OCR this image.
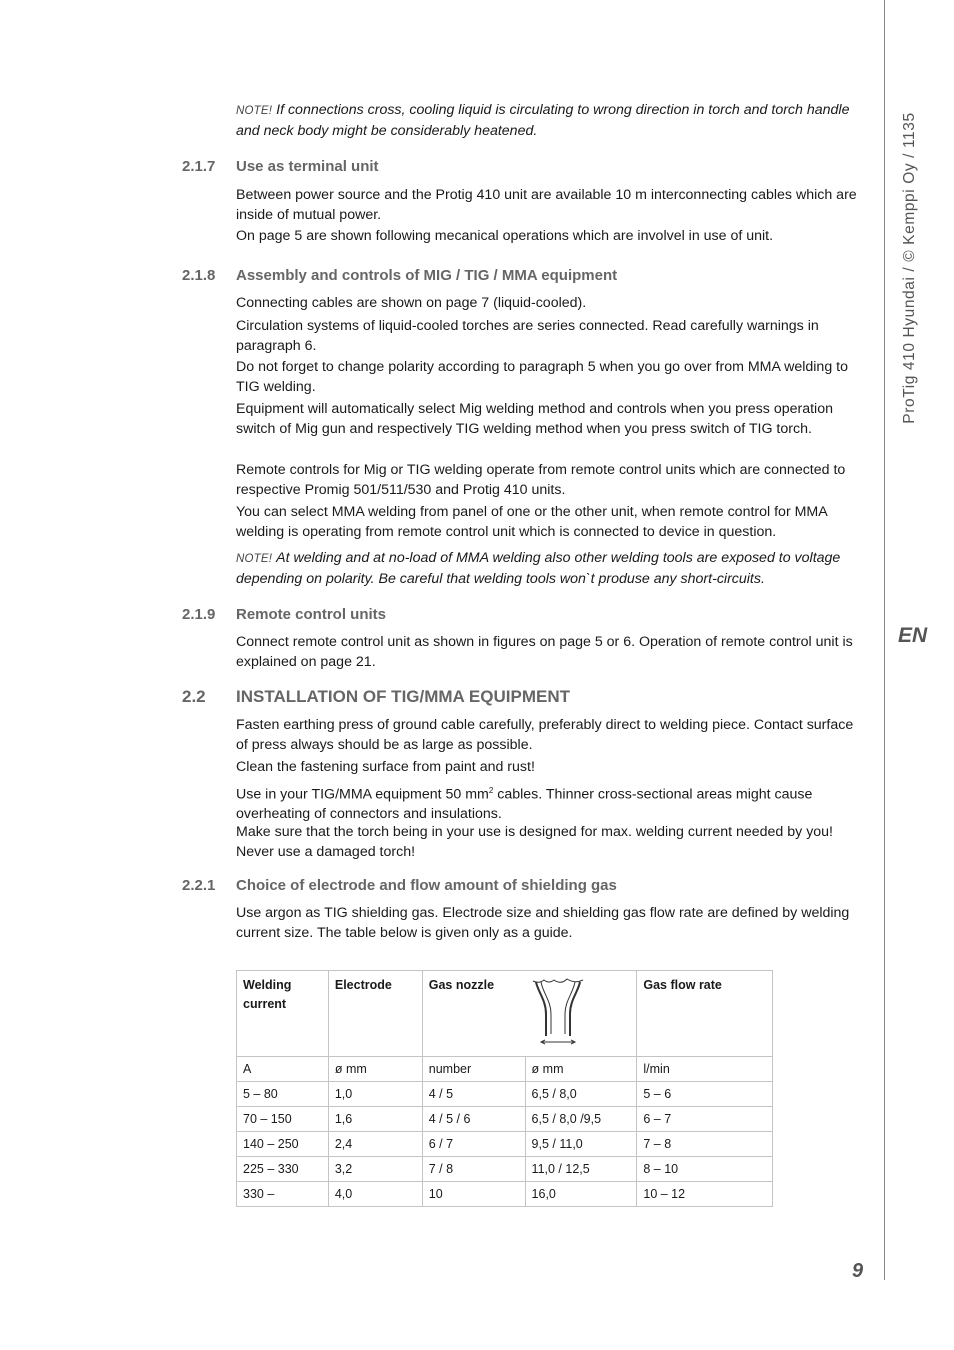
NOTE! If connections cross, cooling liquid is circulating to wrong direction in torch and torch handle and neck body might be considerably heatened.
2.1.7 Use as terminal unit
Between power source and the Protig 410 unit are available 10 m interconnecting cables which are inside of mutual power.
On page 5 are shown following mecanical operations which are involvel in use of unit.
2.1.8 Assembly and controls of MIG / TIG / MMA equipment
Connecting cables are shown on page 7 (liquid-cooled).
Circulation systems of liquid-cooled torches are series connected. Read carefully warnings in paragraph 6.
Do not forget to change polarity according to paragraph 5 when you go over from MMA welding to TIG welding.
Equipment will automatically select Mig welding method and controls when you press operation switch of Mig gun and respectively TIG welding method when you press switch of TIG torch.
Remote controls for Mig or TIG welding operate from remote control units which are connected to respective Promig 501/511/530 and Protig 410 units.
You can select MMA welding from panel of one or the other unit, when remote control for MMA welding is operating from remote control unit which is connected to device in question.
NOTE! At welding and at no-load of MMA welding also other welding tools are exposed to voltage depending on polarity. Be careful that welding tools won`t produse any short-circuits.
2.1.9 Remote control units
Connect remote control unit as shown in figures on page 5 or 6. Operation of remote control unit is explained on page 21.
2.2 INSTALLATION OF TIG/MMA EQUIPMENT
Fasten earthing press of ground cable carefully, preferably direct to welding piece. Contact surface of press always should be as large as possible.
Clean the fastening surface from paint and rust!
Use in your TIG/MMA equipment 50 $mm^2$ cables. Thinner cross-sectional areas might cause overheating of connectors and insulations.
Make sure that the torch being in your use is designed for max. welding current needed by you! Never use a damaged torch!
2.2.1 Choice of electrode and flow amount of shielding gas
Use argon as TIG shielding gas. Electrode size and shielding gas flow rate are defined by welding current size. The table below is given only as a guide.
Welding current	Electrode	Gas nozzle		Gas flow rate
A	ø mm	number	ø mm	l/min
5 – 80	1,0	4 / 5	6,5 / 8,0	5 – 6
70 – 150	1,6	4 / 5 / 6	6,5 / 8,0 /9,5	6 – 7
140 – 250	2,4	6 / 7	9,5 / 11,0	7 – 8
225 – 330	3,2	7 / 8	11,0 / 12,5	8 – 10
330 –	4,0	10	16,0	10 – 12
ProTig 410 Hyundai / © Kemppi Oy / 1135
EN
9
